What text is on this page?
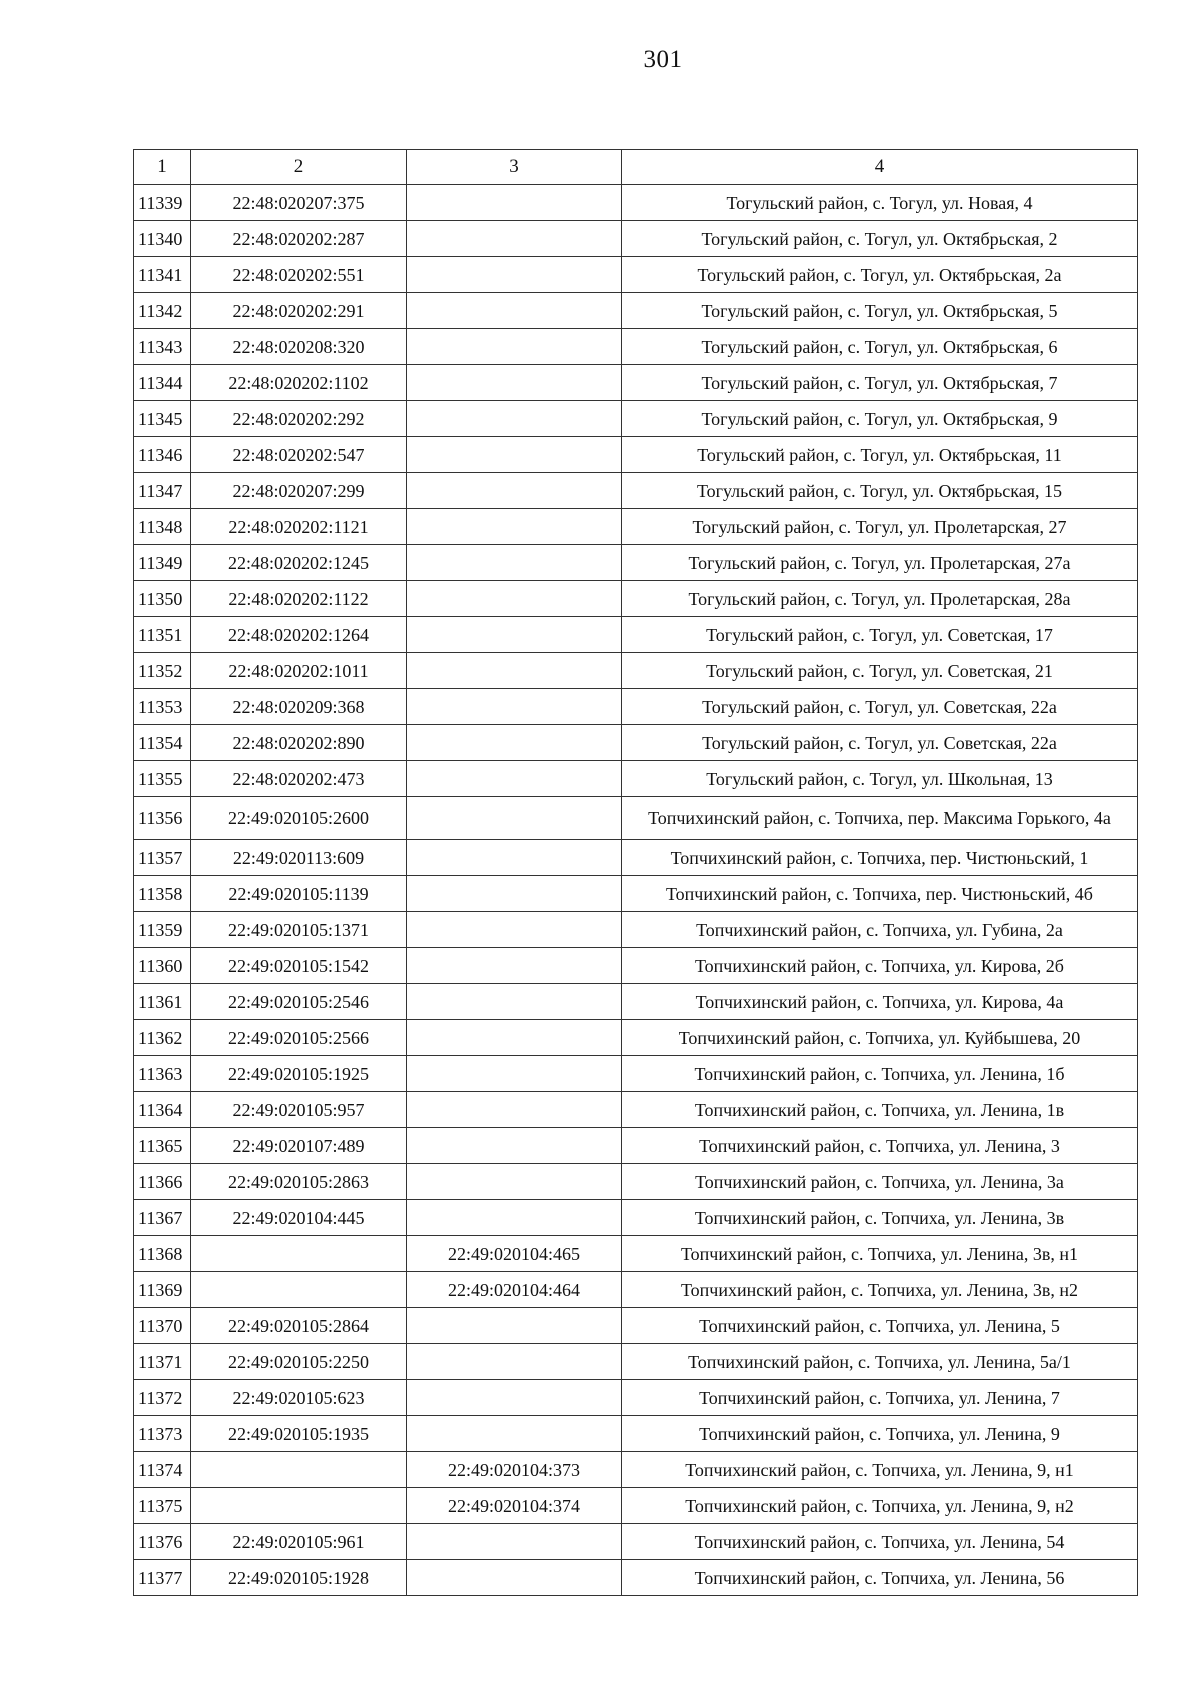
301
1	2	3	4
11339	22:48:020207:375		Тогульский район, с. Тогул, ул. Новая, 4
11340	22:48:020202:287		Тогульский район, с. Тогул, ул. Октябрьская, 2
11341	22:48:020202:551		Тогульский район, с. Тогул, ул. Октябрьская, 2а
11342	22:48:020202:291		Тогульский район, с. Тогул, ул. Октябрьская, 5
11343	22:48:020208:320		Тогульский район, с. Тогул, ул. Октябрьская, 6
11344	22:48:020202:1102		Тогульский район, с. Тогул, ул. Октябрьская, 7
11345	22:48:020202:292		Тогульский район, с. Тогул, ул. Октябрьская, 9
11346	22:48:020202:547		Тогульский район, с. Тогул, ул. Октябрьская, 11
11347	22:48:020207:299		Тогульский район, с. Тогул, ул. Октябрьская, 15
11348	22:48:020202:1121		Тогульский район, с. Тогул, ул. Пролетарская, 27
11349	22:48:020202:1245		Тогульский район, с. Тогул, ул. Пролетарская, 27а
11350	22:48:020202:1122		Тогульский район, с. Тогул, ул. Пролетарская, 28а
11351	22:48:020202:1264		Тогульский район, с. Тогул, ул. Советская, 17
11352	22:48:020202:1011		Тогульский район, с. Тогул, ул. Советская, 21
11353	22:48:020209:368		Тогульский район, с. Тогул, ул. Советская, 22а
11354	22:48:020202:890		Тогульский район, с. Тогул, ул. Советская, 22а
11355	22:48:020202:473		Тогульский район, с. Тогул, ул. Школьная, 13
11356	22:49:020105:2600		Топчихинский район, с. Топчиха, пер. Максима Горького, 4а
11357	22:49:020113:609		Топчихинский район, с. Топчиха, пер. Чистюньский, 1
11358	22:49:020105:1139		Топчихинский район, с. Топчиха, пер. Чистюньский, 4б
11359	22:49:020105:1371		Топчихинский район, с. Топчиха, ул. Губина, 2а
11360	22:49:020105:1542		Топчихинский район, с. Топчиха, ул. Кирова, 2б
11361	22:49:020105:2546		Топчихинский район, с. Топчиха, ул. Кирова, 4а
11362	22:49:020105:2566		Топчихинский район, с. Топчиха, ул. Куйбышева, 20
11363	22:49:020105:1925		Топчихинский район, с. Топчиха, ул. Ленина, 1б
11364	22:49:020105:957		Топчихинский район, с. Топчиха, ул. Ленина, 1в
11365	22:49:020107:489		Топчихинский район, с. Топчиха, ул. Ленина, 3
11366	22:49:020105:2863		Топчихинский район, с. Топчиха, ул. Ленина, 3а
11367	22:49:020104:445		Топчихинский район, с. Топчиха, ул. Ленина, 3в
11368		22:49:020104:465	Топчихинский район, с. Топчиха, ул. Ленина, 3в, н1
11369		22:49:020104:464	Топчихинский район, с. Топчиха, ул. Ленина, 3в, н2
11370	22:49:020105:2864		Топчихинский район, с. Топчиха, ул. Ленина, 5
11371	22:49:020105:2250		Топчихинский район, с. Топчиха, ул. Ленина, 5а/1
11372	22:49:020105:623		Топчихинский район, с. Топчиха, ул. Ленина, 7
11373	22:49:020105:1935		Топчихинский район, с. Топчиха, ул. Ленина, 9
11374		22:49:020104:373	Топчихинский район, с. Топчиха, ул. Ленина, 9, н1
11375		22:49:020104:374	Топчихинский район, с. Топчиха, ул. Ленина, 9, н2
11376	22:49:020105:961		Топчихинский район, с. Топчиха, ул. Ленина, 54
11377	22:49:020105:1928		Топчихинский район, с. Топчиха, ул. Ленина, 56
